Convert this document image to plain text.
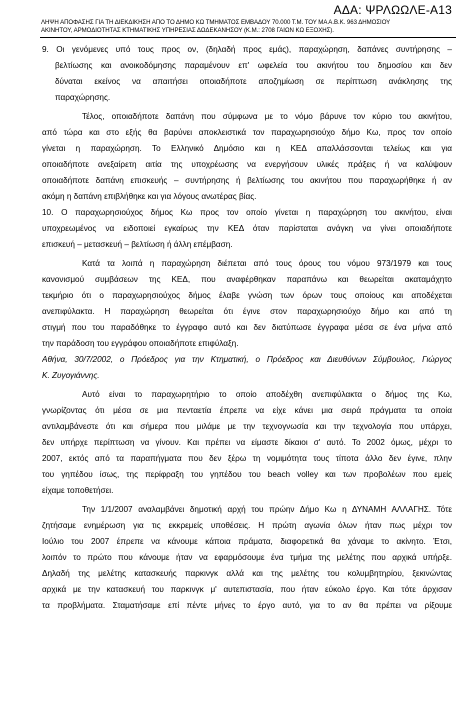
ΑΔΑ: ΨΡΛΩΩΛΕ-Α13
ΛΗΨΗ ΑΠΟΦΑΣΗΣ ΓΙΑ ΤΗ ΔΙΕΚΔΙΚΗΣΗ ΑΠΟ ΤΟ ΔΗΜΟ ΚΩ ΤΜΗΜΑΤΟΣ ΕΜΒΑΔΟΥ 70.000 Τ.Μ. ΤΟΥ ΜΑ Α.Β.Κ. 963 ΔΗΜΟΣΙΟΥ
ΑΚΙΝΗΤΟΥ, ΑΡΜΟΔΙΟΤΗΤΑΣ ΚΤΗΜΑΤΙΚΗΣ ΥΠΗΡΕΣΙΑΣ ΔΩΔΕΚΑΝΗΣΟΥ (Κ.Μ.: 2708 ΓΑΙΩΝ ΚΩ ΕΞΟΧΗΣ).
9. Οι γενόμενες υπό τους προς ον, (δηλαδή προς εμάς), παραχώρηση, δαπάνες συντήρησης –
βελτίωσης και ανοικοδόμησης παραμένουν επ' ωφελεία του ακινήτου του δημοσίου και δεν
δύναται εκείνος να απαιτήσει οποιαδήποτε αποζημίωση σε περίπτωση ανάκλησης της
παραχώρησης.
Τέλος, οποιαδήποτε δαπάνη που σύμφωνα με το νόμο βάρυνε τον κύριο του ακινήτου,
από τώρα και στο εξής θα βαρύνει αποκλειστικά τον παραχωρησιούχο δήμο Κω, προς τον οποίο
γίνεται η παραχώρηση. Το Ελληνικό Δημόσιο και η ΚΕΔ απαλλάσσονται τελείως και για
οποιαδήποτε ανεξαίρετη αιτία της υποχρέωσης να ενεργήσουν υλικές πράξεις ή να καλύψουν
οποιαδήποτε δαπάνη επισκευής – συντήρησης ή βελτίωσης του ακινήτου που παραχωρήθηκε ή αν
ακόμη η δαπάνη επιβλήθηκε και για λόγους ανωτέρας βίας.
10. Ο παραχωρησιούχος δήμος Κω προς τον οποίο γίνεται η παραχώρηση του ακινήτου, είναι
υποχρεωμένος να ειδοποιεί εγκαίρως την ΚΕΔ όταν παρίσταται ανάγκη να γίνει οποιαδήποτε
επισκευή – μετασκευή – βελτίωση ή άλλη επέμβαση.
Κατά τα λοιπά η παραχώρηση διέπεται από τους όρους του νόμου 973/1979 και τους
κανονισμού συμβάσεων της ΚΕΔ, που αναφέρθηκαν παραπάνω και θεωρείται ακαταμάχητο
τεκμήριο ότι ο παραχωρησιούχος δήμος έλαβε γνώση των όρων τους οποίους και αποδέχεται
ανεπιφύλακτα. Η παραχώρηση θεωρείται ότι έγινε στον παραχωρησιούχο δήμο και από τη
στιγμή που του παραδόθηκε το έγγραφο αυτό και δεν διατύπωσε έγγραφα μέσα σε ένα μήνα από
την παράδοση του εγγράφου οποιαδήποτε επιφύλαξη.
Αθήνα, 30/7/2002, ο Πρόεδρος για την Κτηματική, ο Πρόεδρος και Διευθύνων Σύμβουλος, Γιώργος
Κ. Ζυγογιάννης.
Αυτό είναι το παραχωρητήριο το οποίο αποδέχθη ανεπιφύλακτα ο δήμος της Κω,
γνωρίζοντας ότι μέσα σε μια πενταετία έπρεπε να είχε κάνει μια σειρά πράγματα τα οποία
αντιλαμβάνεστε ότι και σήμερα που μιλάμε με την τεχνογνωσία και την τεχνολογία που υπάρχει,
δεν υπήρχε περίπτωση να γίνουν. Και πρέπει να είμαστε δίκαιοι σ' αυτό. Το 2002 όμως, μέχρι το
2007, εκτός από τα παραπήγματα που δεν ξέρω τη νομιμότητα τους τίποτα άλλο δεν έγινε, πλην
του γηπέδου ίσως, της περίφραξη του γηπέδου του beach volley και των προβολέων που εμείς
είχαμε τοποθετήσει.
Την 1/1/2007 αναλαμβάνει δημοτική αρχή του πρώην Δήμο Κω η ΔΥΝΑΜΗ ΑΛΛΑΓΗΣ. Τότε
ζητήσαμε ενημέρωση για τις εκκρεμείς υποθέσεις. Η πρώτη αγωνία όλων ήταν πως μέχρι τον
Ιούλιο του 2007 έπρεπε να κάνουμε κάποια πράματα, διαφορετικά θα χάναμε το ακίνητο. Έτσι,
λοιπόν το πρώτο που κάνουμε ήταν να εφαρμόσουμε ένα τμήμα της μελέτης που αρχικά υπήρξε.
Δηλαδή της μελέτης κατασκευής παρκινγκ αλλά και της μελέτης του κολυμβητηρίου, ξεκινώντας
αρχικά με την κατασκευή του παρκινγκ μ' αυτεπιστασία, που ήταν εύκολο έργο. Και τότε άρχισαν
τα προβλήματα. Σταματήσαμε επί πέντε μήνες το έργο αυτό, για το αν θα πρέπει να ρίξουμε
